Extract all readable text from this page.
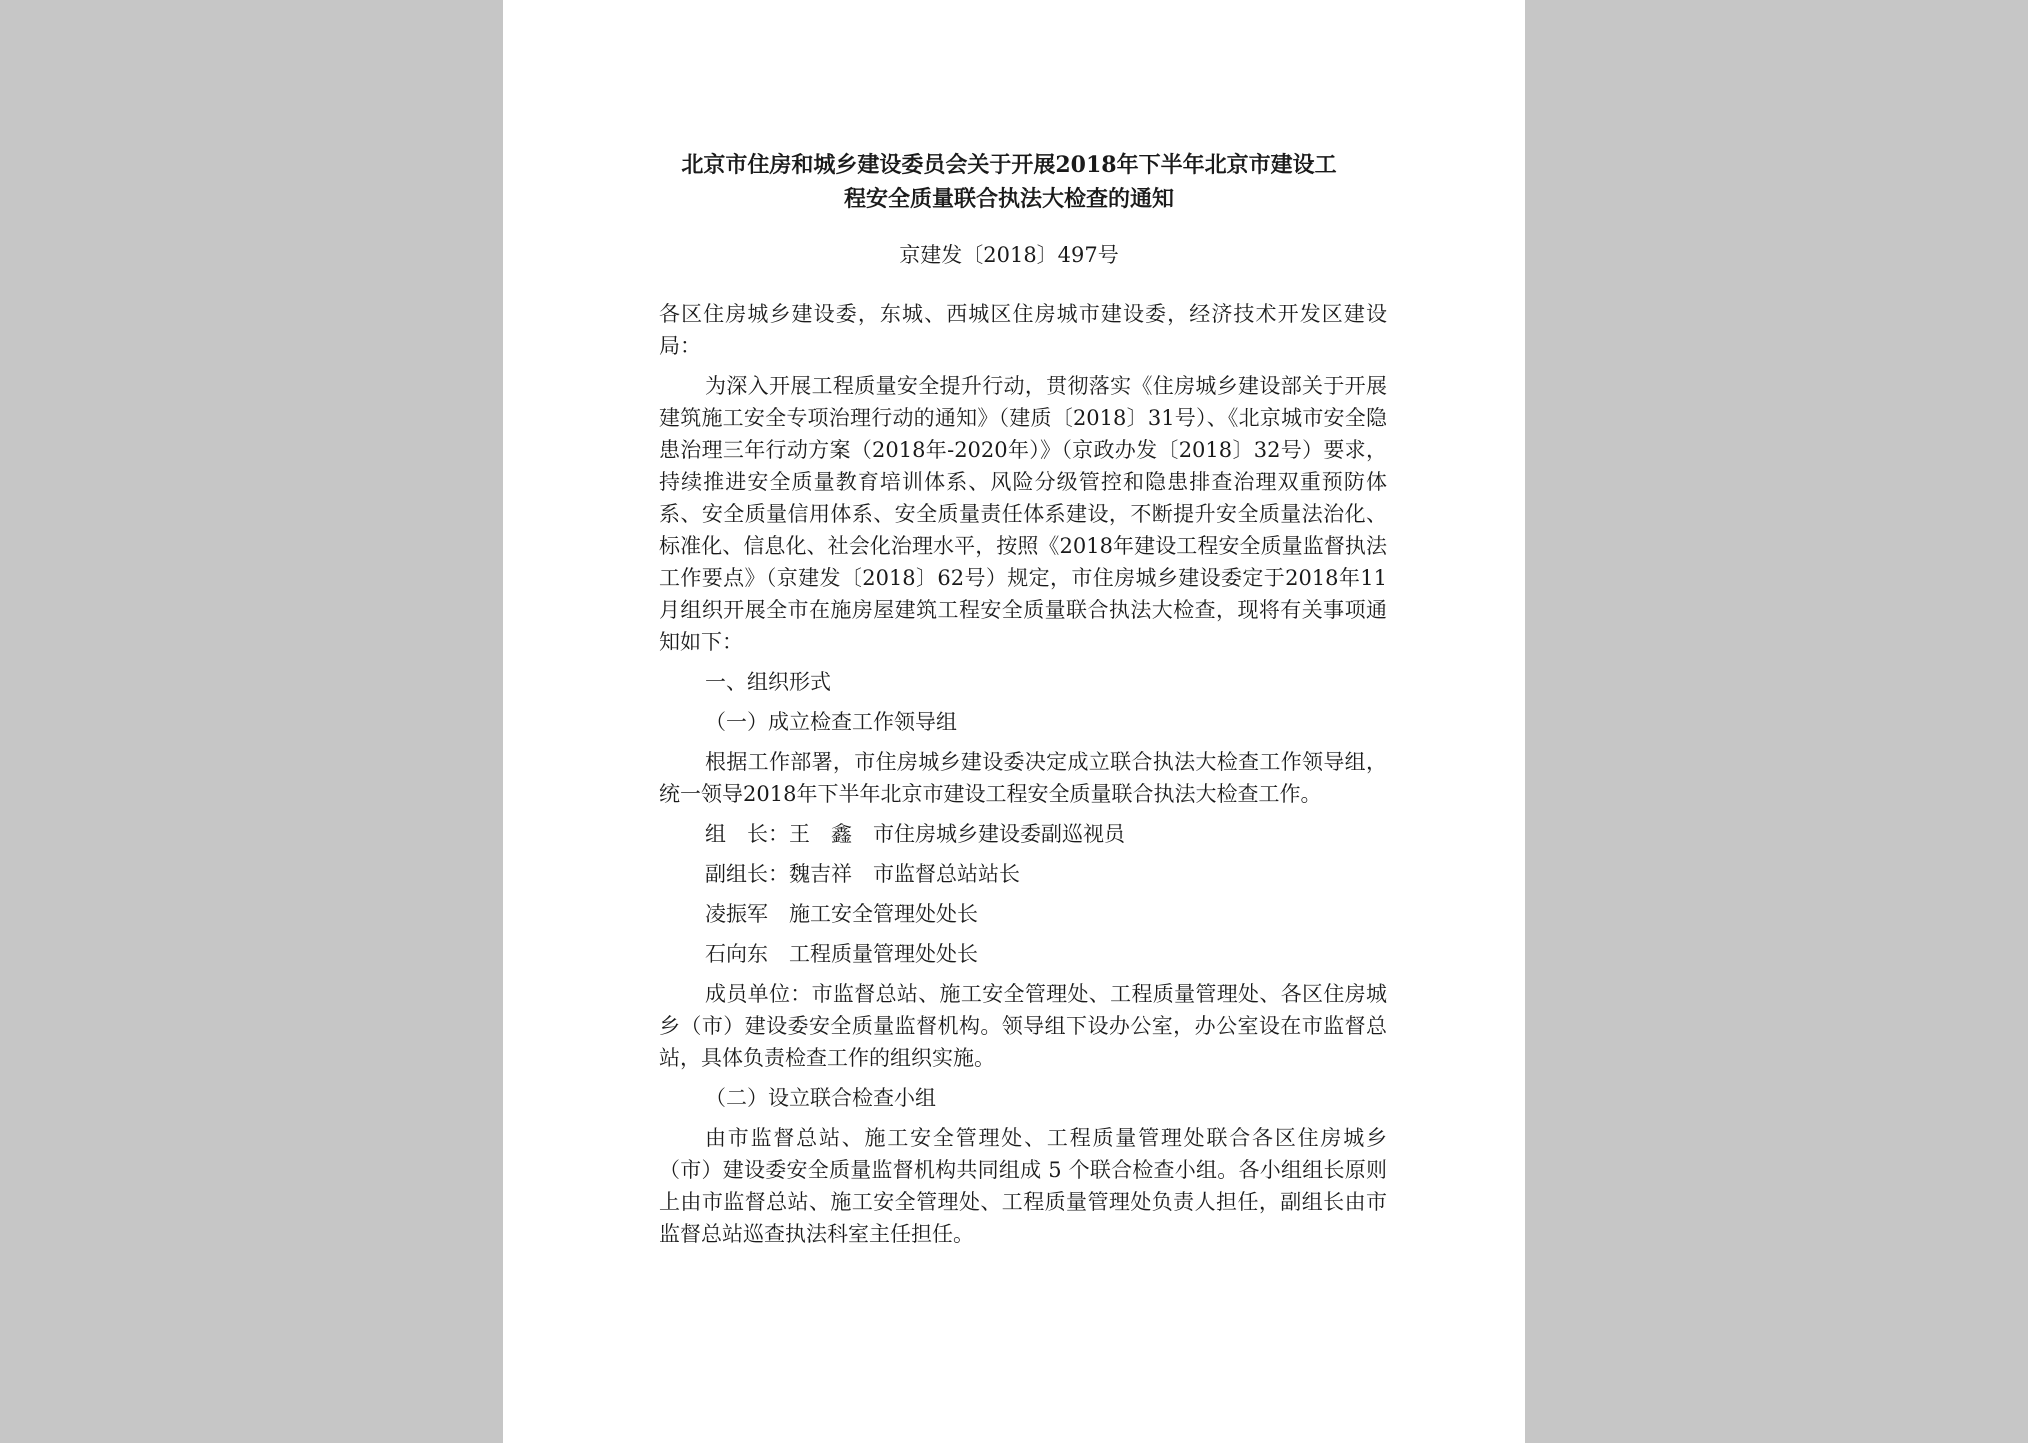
北京市住房和城乡建设委员会关于开展2018年下半年北京市建设工
程安全质量联合执法大检查的通知
京建发〔2018〕497号
各区住房城乡建设委，东城、西城区住房城市建设委，经济技术开发区建设局：
为深入开展工程质量安全提升行动，贯彻落实《住房城乡建设部关于开展建筑施工安全专项治理行动的通知》（建质〔2018〕31号）、《北京城市安全隐患治理三年行动方案（2018年-2020年）》（京政办发〔2018〕32号）要求，持续推进安全质量教育培训体系、风险分级管控和隐患排查治理双重预防体系、安全质量信用体系、安全质量责任体系建设，不断提升安全质量法治化、标准化、信息化、社会化治理水平，按照《2018年建设工程安全质量监督执法工作要点》（京建发〔2018〕62号）规定，市住房城乡建设委定于2018年11月组织开展全市在施房屋建筑工程安全质量联合执法大检查，现将有关事项通知如下：
一、组织形式
（一）成立检查工作领导组
根据工作部署，市住房城乡建设委决定成立联合执法大检查工作领导组，统一领导2018年下半年北京市建设工程安全质量联合执法大检查工作。
组　长：王　鑫　市住房城乡建设委副巡视员
副组长：魏吉祥　市监督总站站长
凌振军　施工安全管理处处长
石向东　工程质量管理处处长
成员单位：市监督总站、施工安全管理处、工程质量管理处、各区住房城乡（市）建设委安全质量监督机构。领导组下设办公室，办公室设在市监督总站，具体负责检查工作的组织实施。
（二）设立联合检查小组
由市监督总站、施工安全管理处、工程质量管理处联合各区住房城乡（市）建设委安全质量监督机构共同组成 5 个联合检查小组。各小组组长原则上由市监督总站、施工安全管理处、工程质量管理处负责人担任，副组长由市监督总站巡查执法科室主任担任。
